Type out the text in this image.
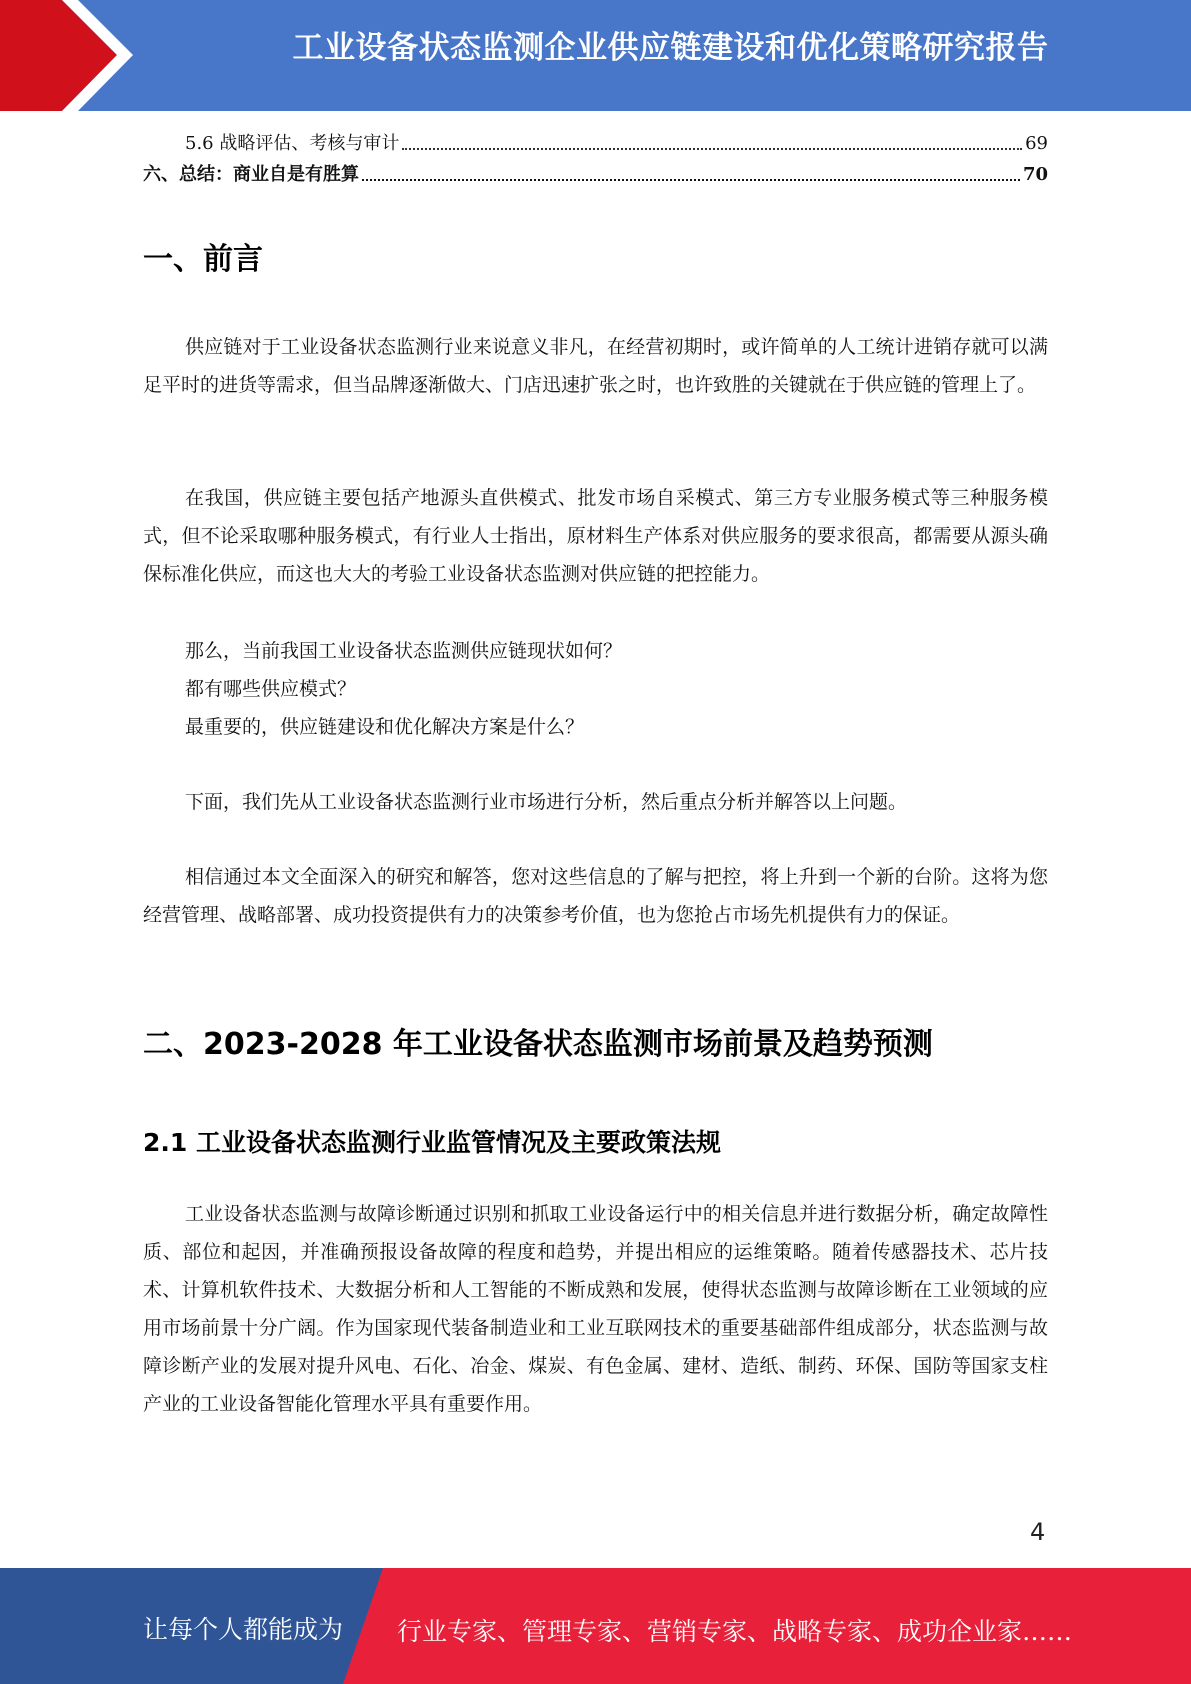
工业设备状态监测企业供应链建设和优化策略研究报告
5.6 战略评估、考核与审计	69
六、总结：商业自是有胜算	70
一、前言
供应链对于工业设备状态监测行业来说意义非凡，在经营初期时，或许简单的人工统计进销存就可以满足平时的进货等需求，但当品牌逐渐做大、门店迅速扩张之时，也许致胜的关键就在于供应链的管理上了。
在我国，供应链主要包括产地源头直供模式、批发市场自采模式、第三方专业服务模式等三种服务模式，但不论采取哪种服务模式，有行业人士指出，原材料生产体系对供应服务的要求很高，都需要从源头确保标准化供应，而这也大大的考验工业设备状态监测对供应链的把控能力。
那么，当前我国工业设备状态监测供应链现状如何？
都有哪些供应模式？
最重要的，供应链建设和优化解决方案是什么？
下面，我们先从工业设备状态监测行业市场进行分析，然后重点分析并解答以上问题。
相信通过本文全面深入的研究和解答，您对这些信息的了解与把控，将上升到一个新的台阶。这将为您经营管理、战略部署、成功投资提供有力的决策参考价值，也为您抢占市场先机提供有力的保证。
二、2023-2028 年工业设备状态监测市场前景及趋势预测
2.1 工业设备状态监测行业监管情况及主要政策法规
工业设备状态监测与故障诊断通过识别和抓取工业设备运行中的相关信息并进行数据分析，确定故障性质、部位和起因，并准确预报设备故障的程度和趋势，并提出相应的运维策略。随着传感器技术、芯片技术、计算机软件技术、大数据分析和人工智能的不断成熟和发展，使得状态监测与故障诊断在工业领域的应用市场前景十分广阔。作为国家现代装备制造业和工业互联网技术的重要基础部件组成部分，状态监测与故障诊断产业的发展对提升风电、石化、冶金、煤炭、有色金属、建材、造纸、制药、环保、国防等国家支柱产业的工业设备智能化管理水平具有重要作用。
4
让每个人都能成为 行业专家、管理专家、营销专家、战略专家、成功企业家……
